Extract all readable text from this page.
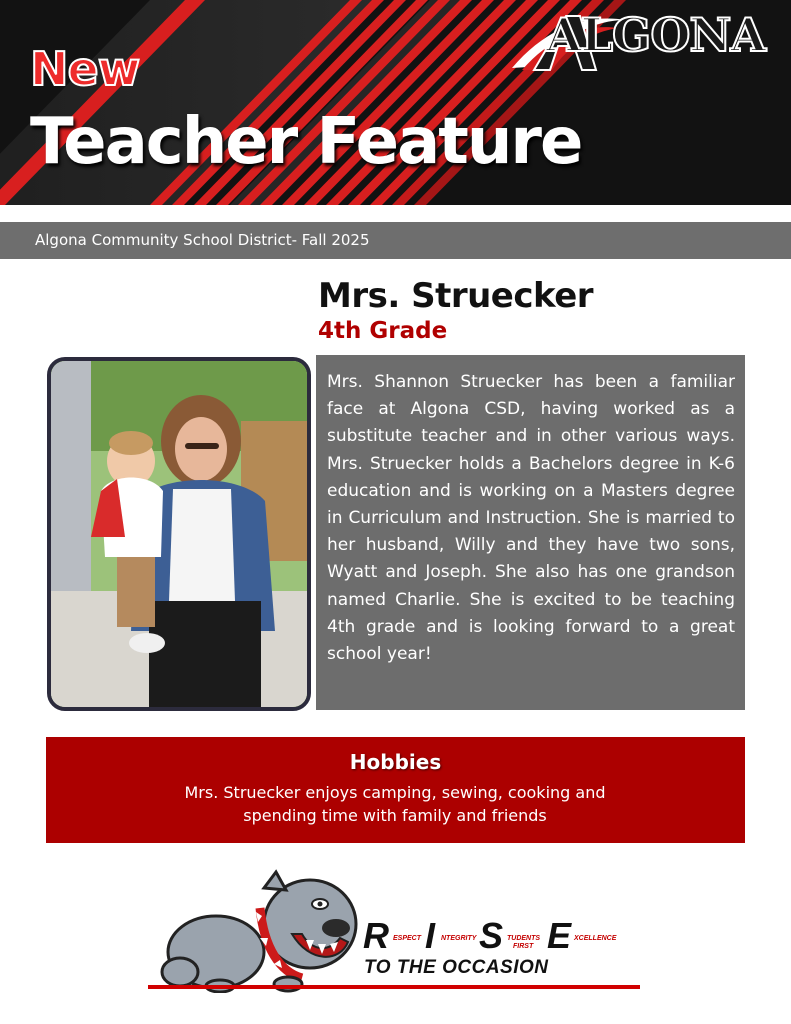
ALGONA
New
Teacher Feature
Algona Community School District- Fall 2025
Mrs. Struecker
4th Grade

Mrs. Shannon Struecker has been a familiar face at Algona CSD, having worked as a substitute teacher and in other various ways. Mrs. Struecker holds a Bachelors degree in K-6 education and is working on a Masters degree in Curriculum and Instruction. She is married to her husband, Willy and they have two sons, Wyatt and Joseph. She also has one grandson named Charlie. She is excited to be teaching 4th grade and is looking forward to a great school year!

Hobbies
Mrs. Struecker enjoys camping, sewing, cooking and spending time with family and friends
R ESPECT I NTEGRITY S TUDENTS
FIRST E XCELLENCE
TO THE OCCASION
